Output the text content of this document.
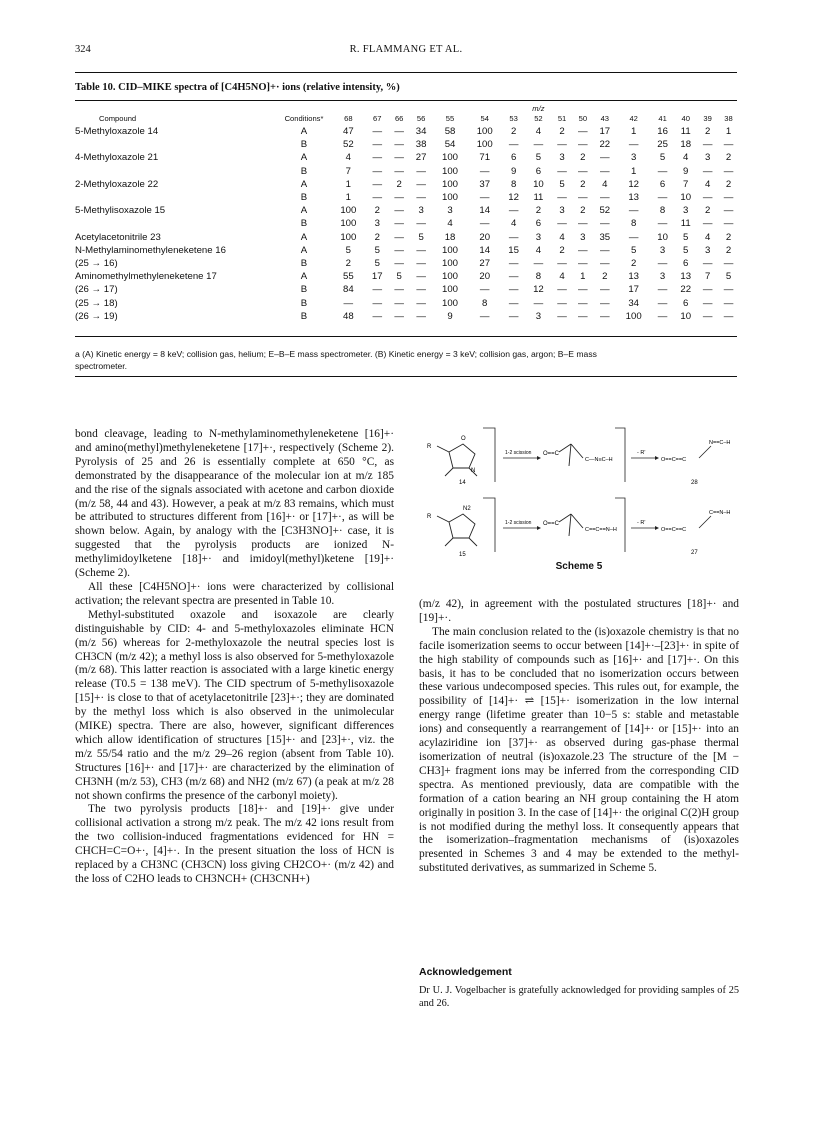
324	R. FLAMMANG ET AL.
Table 10. CID–MIKE spectra of [C4H5NO]+· ions (relative intensity, %)
									m/z								
Compound	Conditions*	68	67	66	56	55	54	53	52	51	50	43	42	41	40	39	38
5-Methyloxazole 14	A	47	—	—	34	58	100	2	4	2	—	17	1	16	11	2	1
	B	52	—	—	38	54	100	—	—	—	—	22	—	25	18	—	—
4-Methyloxazole 21	A	4	—	—	27	100	71	6	5	3	2	—	3	5	4	3	2
	B	7	—	—	—	100	—	9	6	—	—	—	1	—	9	—	—
2-Methyloxazole 22	A	1	—	2	—	100	37	8	10	5	2	4	12	6	7	4	2
	B	1	—	—	—	100	—	12	11	—	—	—	13	—	10	—	—
5-Methylisoxazole 15	A	100	2	—	3	3	14	—	2	3	2	52	—	8	3	2	—
	B	100	3	—	—	4	—	4	6	—	—	—	8	—	11	—	—
Acetylacetonitrile 23	A	100	2	—	5	18	20	—	3	4	3	35	—	10	5	4	2
N-Methylaminomethyleneketene 16	A	5	5	—	—	100	14	15	4	2	—	—	5	3	5	3	2
(25 → 16)	B	2	5	—	—	100	27	—	—	—	—	—	2	—	6	—	—
Aminomethylmethyleneketene 17	A	55	17	5	—	100	20	—	8	4	1	2	13	3	13	7	5
(26 → 17)	B	84	—	—	—	100	—	—	12	—	—	—	17	—	22	—	—
(25 → 18)	B	—	—	—	—	100	8	—	—	—	—	—	34	—	6	—	—
(26 → 19)	B	48	—	—	—	9	—	—	3	—	—	—	100	—	10	—	—
a (A) Kinetic energy = 8 keV; collision gas, helium; E–B–E mass spectrometer. (B) Kinetic energy = 3 keV; collision gas, argon; B–E mass
spectrometer.

bond cleavage, leading to N-methylaminomethyleneketene [16]+· and amino(methyl)methyleneketene [17]+·, respectively (Scheme 2). Pyrolysis of 25 and 26 is essentially complete at 650 °C, as demonstrated by the disappearance of the molecular ion at m/z 185 and the rise of the signals associated with acetone and carbon dioxide (m/z 58, 44 and 43). However, a peak at m/z 83 remains, which must be attributed to structures different from [16]+· or [17]+·, as will be shown below. Again, by analogy with the [C3H3NO]+· case, it is suggested that the pyrolysis products are ionized N-methylimidoylketene [18]+· and imidoyl(methyl)ketene [19]+· (Scheme 2).

All these [C4H5NO]+· ions were characterized by collisional activation; the relevant spectra are presented in Table 10.

Methyl-substituted oxazole and isoxazole are clearly distinguishable by CID: 4- and 5-methyloxazoles eliminate HCN (m/z 56) whereas for 2-methyloxazole the neutral species lost is CH3CN (m/z 42); a methyl loss is also observed for 5-methyloxazole (m/z 68). This latter reaction is associated with a large kinetic energy release (T0.5 = 138 meV). The CID spectrum of 5-methylisoxazole [15]+· is close to that of acetylacetonitrile [23]+·; they are dominated by the methyl loss which is also observed in the unimolecular (MIKE) spectra. There are also, however, significant differences which allow identification of structures [15]+· and [23]+·, viz. the m/z 55/54 ratio and the m/z 29–26 region (absent from Table 10). Structures [16]+· and [17]+· are characterized by the elimination of CH3NH (m/z 53), CH3 (m/z 68) and NH2 (m/z 67) (a peak at m/z 28 not shown confirms the presence of the carbonyl moiety).

The two pyrolysis products [18]+· and [19]+· give under collisional activation a strong m/z peak. The m/z 42 ions result from the two collision-induced fragmentations evidenced for HN = CHCH=C=O+·, [4]+·. In the present situation the loss of HCN is replaced by a CH3NC (CH3CN) loss giving CH2CO+· (m/z 42) and the loss of C2HO leads to CH3NCH+ (CH3CNH+)

R
O
N
14
1-2 scission O==C
C—N≡C–H
- R'
O==C==C
N==C–H
28
R
N2
15
1-2 scission O==C
C==C==N–H
- R'
O==C==C
C==N–H
27
Scheme 5

(m/z 42), in agreement with the postulated structures [18]+· and [19]+·.

The main conclusion related to the (is)oxazole chemistry is that no facile isomerization seems to occur between [14]+·–[23]+· in spite of the high stability of compounds such as [16]+· and [17]+·. On this basis, it has to be concluded that no isomerization occurs between these various undecomposed species. This rules out, for example, the possibility of [14]+· ⇌ [15]+· isomerization in the low internal energy range (lifetime greater than 10−5 s: stable and metastable ions) and consequently a rearrangement of [14]+· or [15]+· into an acylaziridine ion [37]+· as observed during gas-phase thermal isomerization of neutral (is)oxazole.23 The structure of the [M − CH3]+ fragment ions may be inferred from the corresponding CID spectra. As mentioned previously, data are compatible with the formation of a cation bearing an NH group containing the H atom originally in position 3. In the case of [14]+· the original C(2)H group is not modified during the methyl loss. It consequently appears that the isomerization–fragmentation mechanisms of (is)oxazoles presented in Schemes 3 and 4 may be extended to the methyl-substituted derivatives, as summarized in Scheme 5.

Acknowledgement
Dr U. J. Vogelbacher is gratefully acknowledged for providing samples of 25 and 26.
